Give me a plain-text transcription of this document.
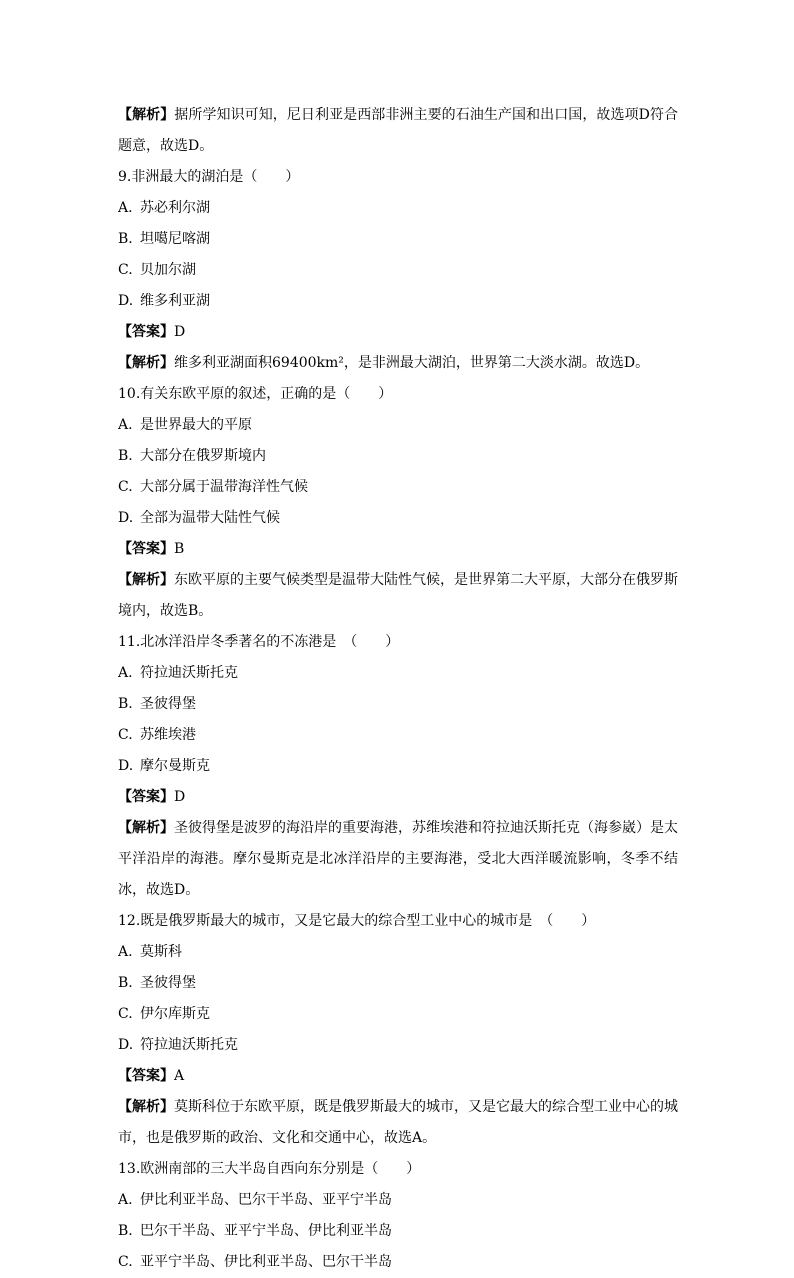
【解析】据所学知识可知，尼日利亚是西部非洲主要的石油生产国和出口国，故选项D符合题意，故选D。
9.非洲最大的湖泊是（　　）
A. 苏必利尔湖
B. 坦噶尼喀湖
C. 贝加尔湖
D. 维多利亚湖
【答案】D
【解析】维多利亚湖面积69400km²，是非洲最大湖泊，世界第二大淡水湖。故选D。
10.有关东欧平原的叙述，正确的是（　　）
A. 是世界最大的平原
B. 大部分在俄罗斯境内
C. 大部分属于温带海洋性气候
D. 全部为温带大陆性气候
【答案】B
【解析】东欧平原的主要气候类型是温带大陆性气候，是世界第二大平原，大部分在俄罗斯境内，故选B。
11.北冰洋沿岸冬季著名的不冻港是　（　　）
A. 符拉迪沃斯托克
B. 圣彼得堡
C. 苏维埃港
D. 摩尔曼斯克
【答案】D
【解析】圣彼得堡是波罗的海沿岸的重要海港，苏维埃港和符拉迪沃斯托克（海参崴）是太平洋沿岸的海港。摩尔曼斯克是北冰洋沿岸的主要海港，受北大西洋暖流影响，冬季不结冰，故选D。
12.既是俄罗斯最大的城市，又是它最大的综合型工业中心的城市是　（　　）
A. 莫斯科
B. 圣彼得堡
C. 伊尔库斯克
D. 符拉迪沃斯托克
【答案】A
【解析】莫斯科位于东欧平原，既是俄罗斯最大的城市，又是它最大的综合型工业中心的城市，也是俄罗斯的政治、文化和交通中心，故选A。
13.欧洲南部的三大半岛自西向东分别是（　　）
A. 伊比利亚半岛、巴尔干半岛、亚平宁半岛
B. 巴尔干半岛、亚平宁半岛、伊比利亚半岛
C. 亚平宁半岛、伊比利亚半岛、巴尔干半岛
